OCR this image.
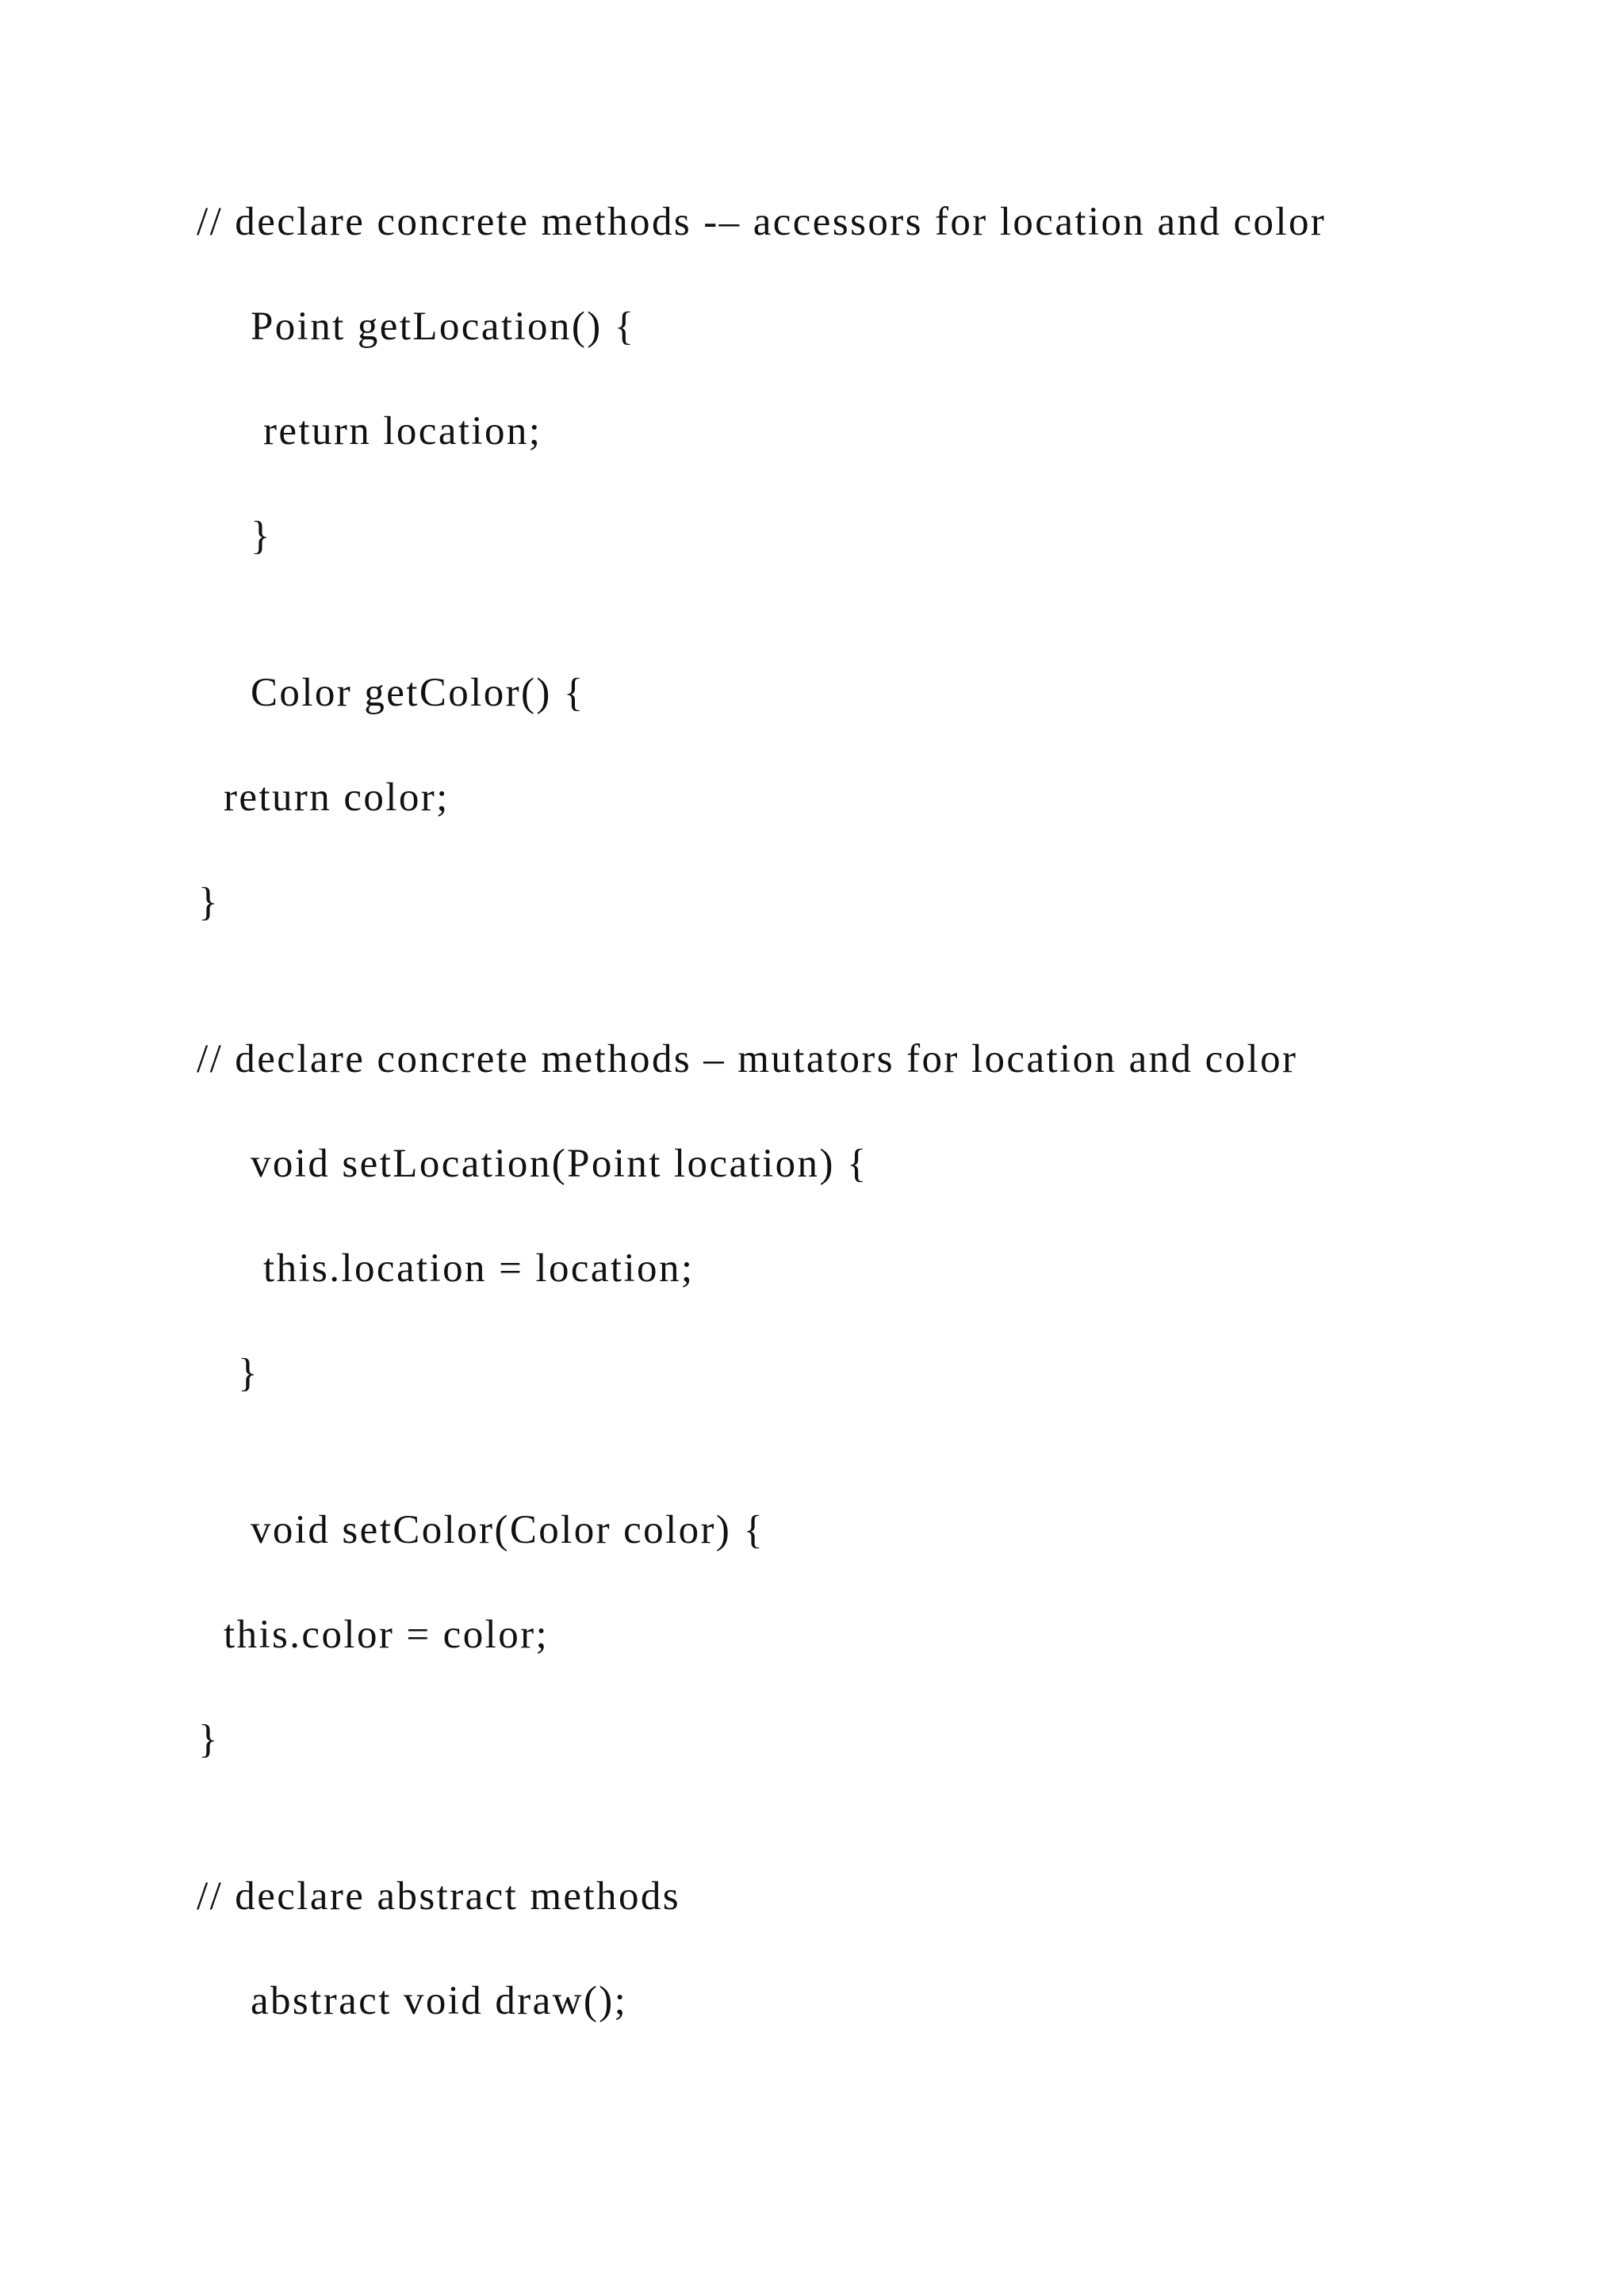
// declare concrete methods -– accessors for location and color
Point getLocation() {
return location;
}
Color getColor() {
return color;
}
// declare concrete methods – mutators for location and color
void setLocation(Point location) {
this.location = location;
}
void setColor(Color color) {
this.color = color;
}
// declare abstract methods
abstract void draw();
